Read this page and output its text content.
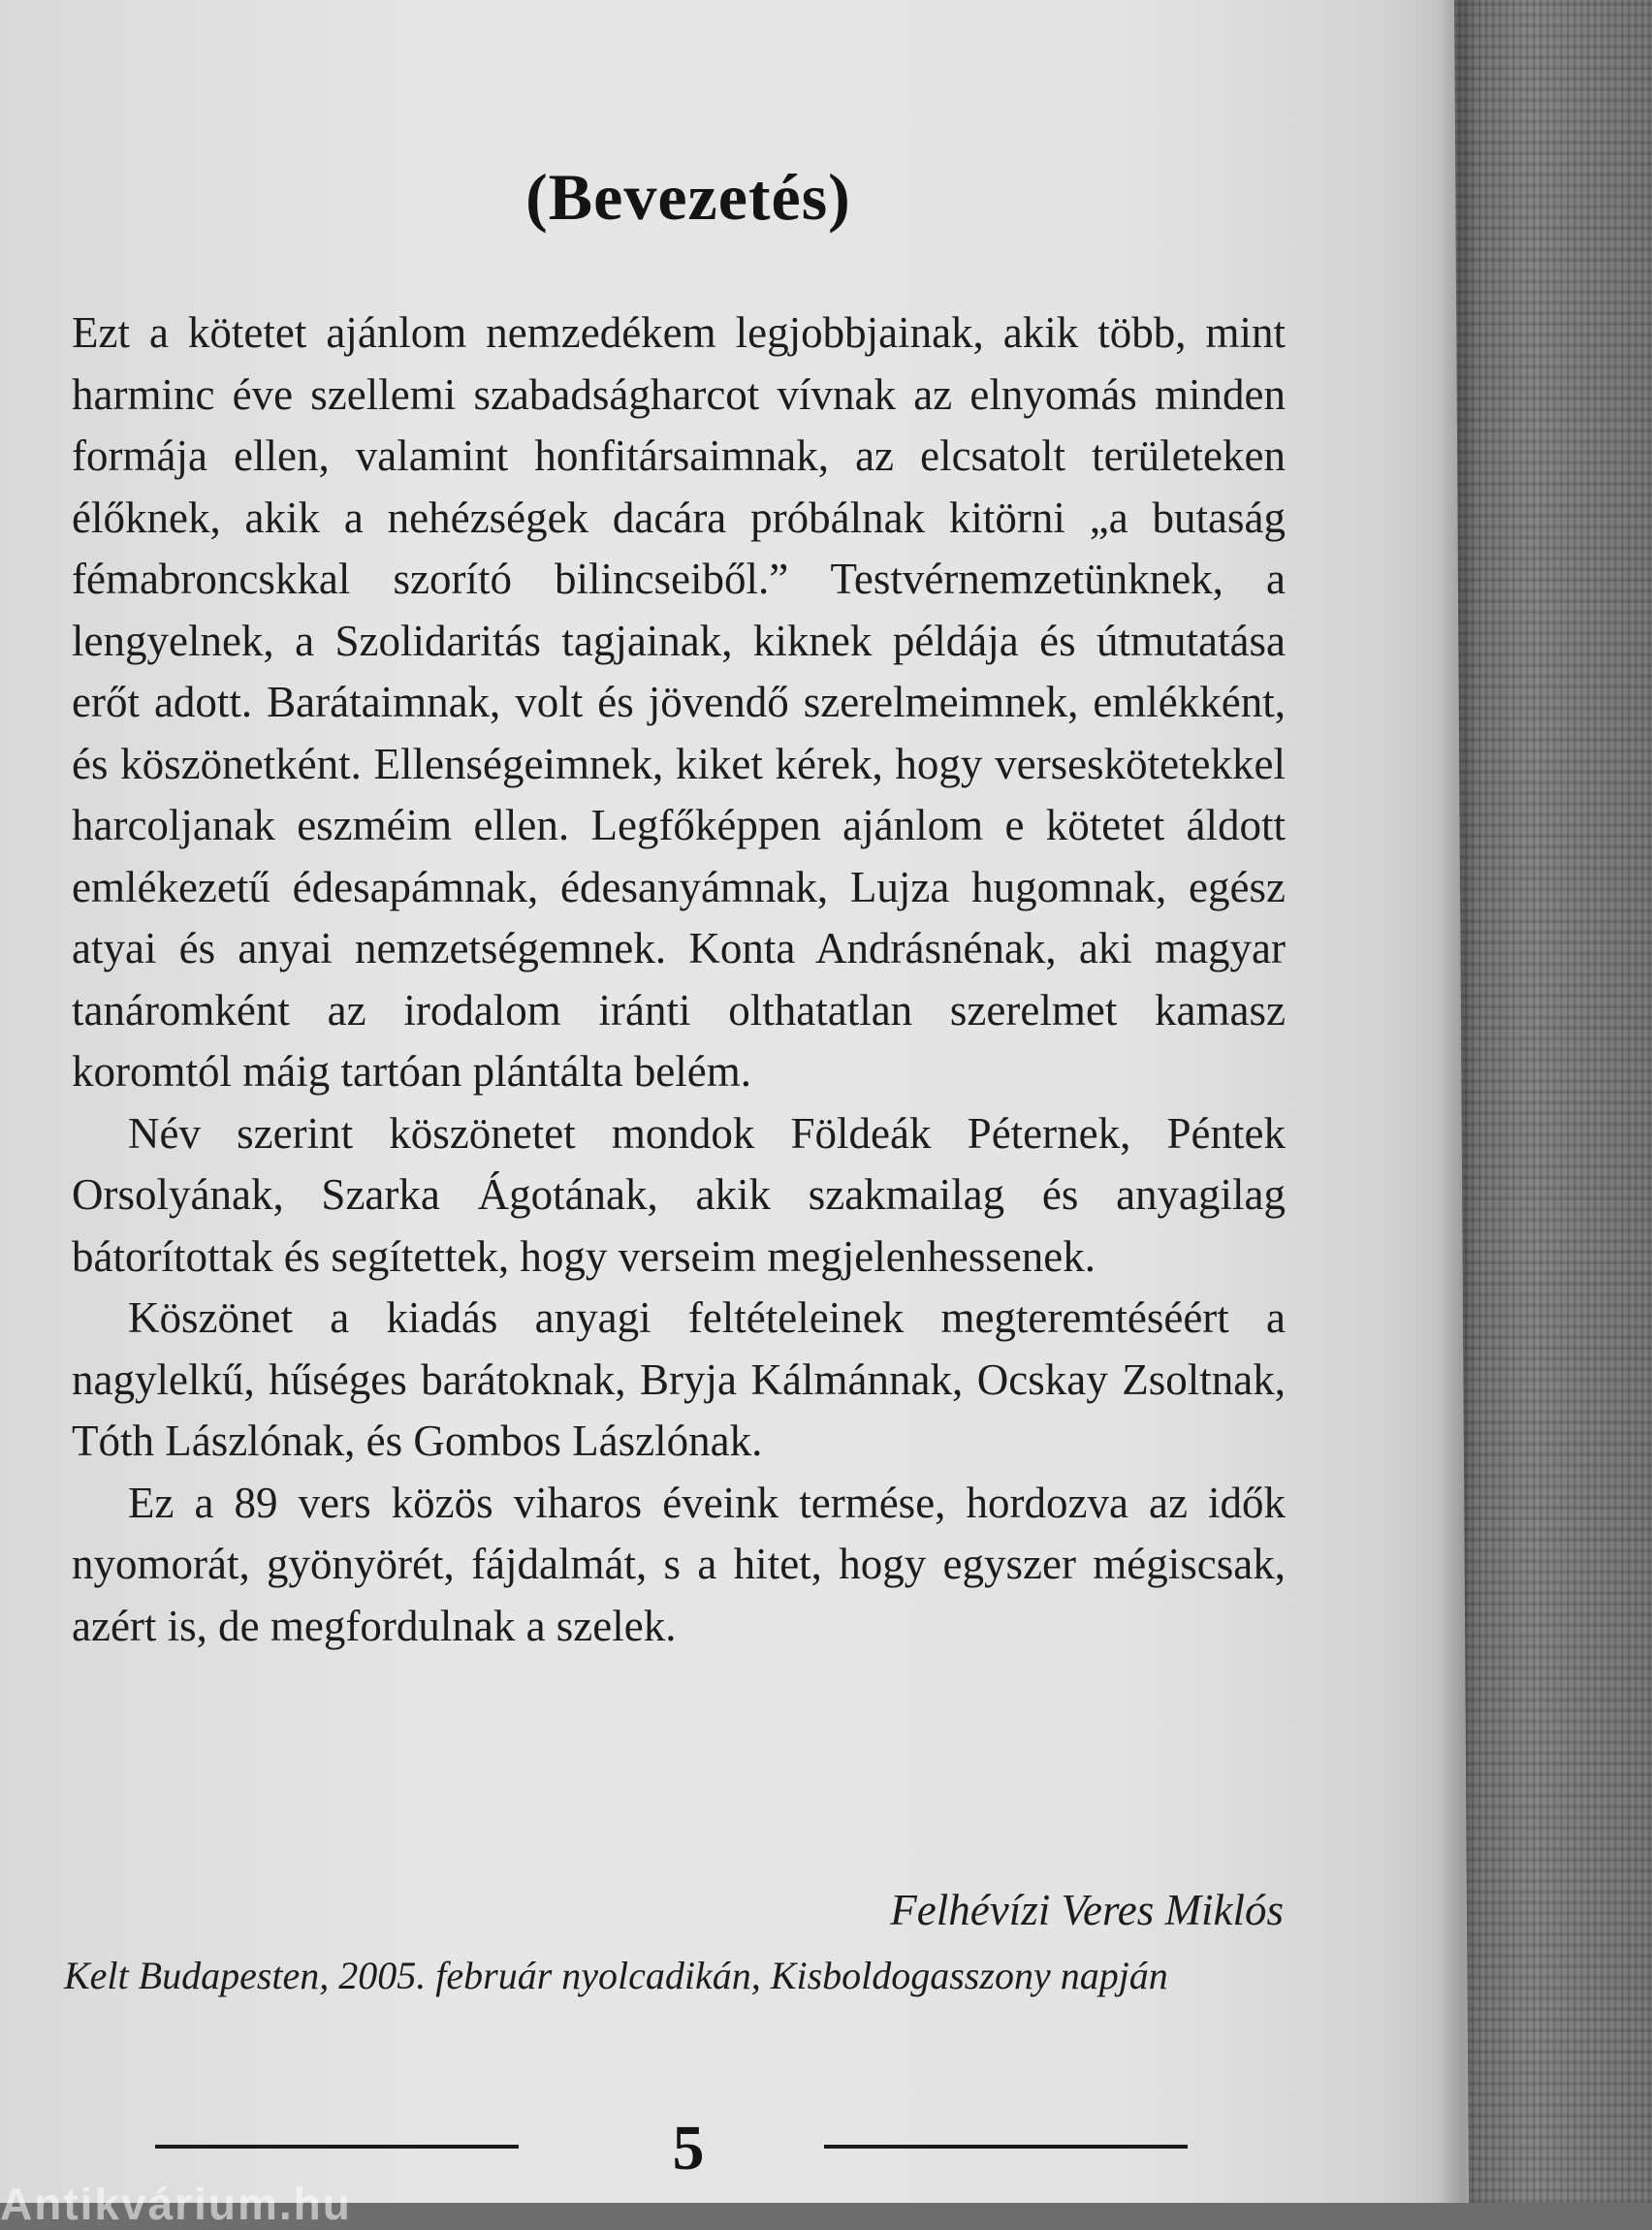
(Bevezetés)

Ezt a kötetet ajánlom nemzedékem legjobbjainak, akik több, mint harminc éve szellemi szabadságharcot vívnak az elnyomás minden formája ellen, valamint honfitársaimnak, az elcsatolt területeken élőknek, akik a nehézségek dacára próbálnak kitörni „a butaság fémabroncskkal szorító bilincseiből.” Testvérnemzetünknek, a lengyelnek, a Szolidaritás tagjainak, kiknek példája és útmutatása erőt adott. Barátaimnak, volt és jövendő szerelmeimnek, emlékként, és köszönetként. Ellenségeimnek, kiket kérek, hogy verseskötetekkel harcoljanak eszméim ellen. Legfőképpen ajánlom e kötetet áldott emlékezetű édesapámnak, édesanyámnak, Lujza hugomnak, egész atyai és anyai nemzetségemnek. Konta Andrásnénak, aki magyar tanáromként az irodalom iránti olthatatlan szerelmet kamasz koromtól máig tartóan plántálta belém.

Név szerint köszönetet mondok Földeák Péternek, Péntek Orsolyának, Szarka Ágotának, akik szakmailag és anyagilag bátorítottak és segítettek, hogy verseim megjelenhessenek.

Köszönet a kiadás anyagi feltételeinek megteremtéséért a nagylelkű, hűséges barátoknak, Bryja Kálmánnak, Ocskay Zsoltnak, Tóth Lászlónak, és Gombos Lászlónak.

Ez a 89 vers közös viharos éveink termése, hordozva az idők nyomorát, gyönyörét, fájdalmát, s a hitet, hogy egyszer mégiscsak, azért is, de megfordulnak a szelek.

Felhévízi Veres Miklós
Kelt Budapesten, 2005. február nyolcadikán, Kisboldogasszony napján
5
Antikvárium.hu
